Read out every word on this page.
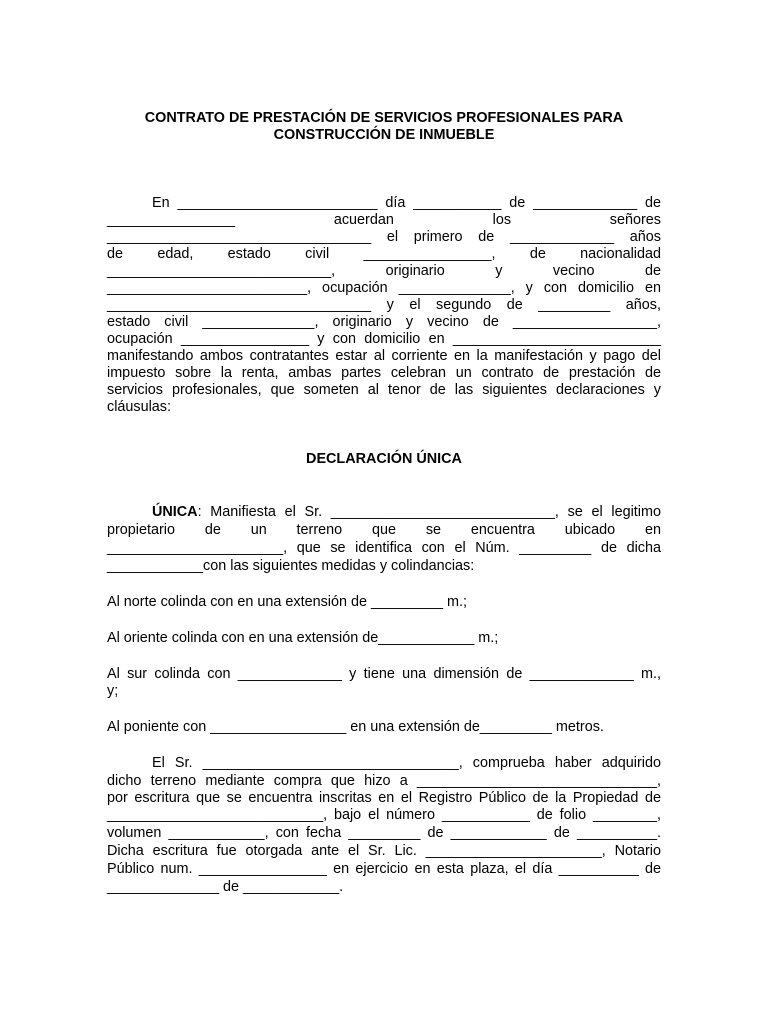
CONTRATO DE PRESTACIÓN DE SERVICIOS PROFESIONALES PARA
CONSTRUCCIÓN DE INMUEBLE
En _________________________ día ___________ de _____________ de
________________ acuerdan los señores
_________________________________ el primero de _____________ años
de edad, estado civil ________________, de nacionalidad
____________________________, originario y vecino de
_________________________, ocupación ______________, y con domicilio en
_________________________________ y el segundo de _________ años,
estado civil ______________, originario y vecino de __________________,
ocupación ________________ y con domicilio en __________________________
manifestando ambos contratantes estar al corriente en la manifestación y pago del
impuesto sobre la renta, ambas partes celebran un contrato de prestación de
servicios profesionales, que someten al tenor de las siguientes declaraciones y
cláusulas:
DECLARACIÓN ÚNICA
ÚNICA: Manifiesta el Sr. ____________________________, se el legitimo
propietario de un terreno que se encuentra ubicado en
______________________, que se identifica con el Núm. _________ de dicha
____________con las siguientes medidas y colindancias:
Al norte colinda con en una extensión de _________ m.;
Al oriente colinda con en una extensión de____________ m.;
Al sur colinda con _____________ y tiene una dimensión de _____________ m.,
y;
Al poniente con _________________ en una extensión de_________ metros.
El Sr. ________________________________, comprueba haber adquirido
dicho terreno mediante compra que hizo a ______________________________,
por escritura que se encuentra inscritas en el Registro Público de la Propiedad de
___________________________, bajo el número ___________ de folio ________,
volumen ____________, con fecha _________ de ____________ de __________.
Dicha escritura fue otorgada ante el Sr. Lic. ______________________, Notario
Público num. ________________ en ejercicio en esta plaza, el día __________ de
______________ de ____________.
